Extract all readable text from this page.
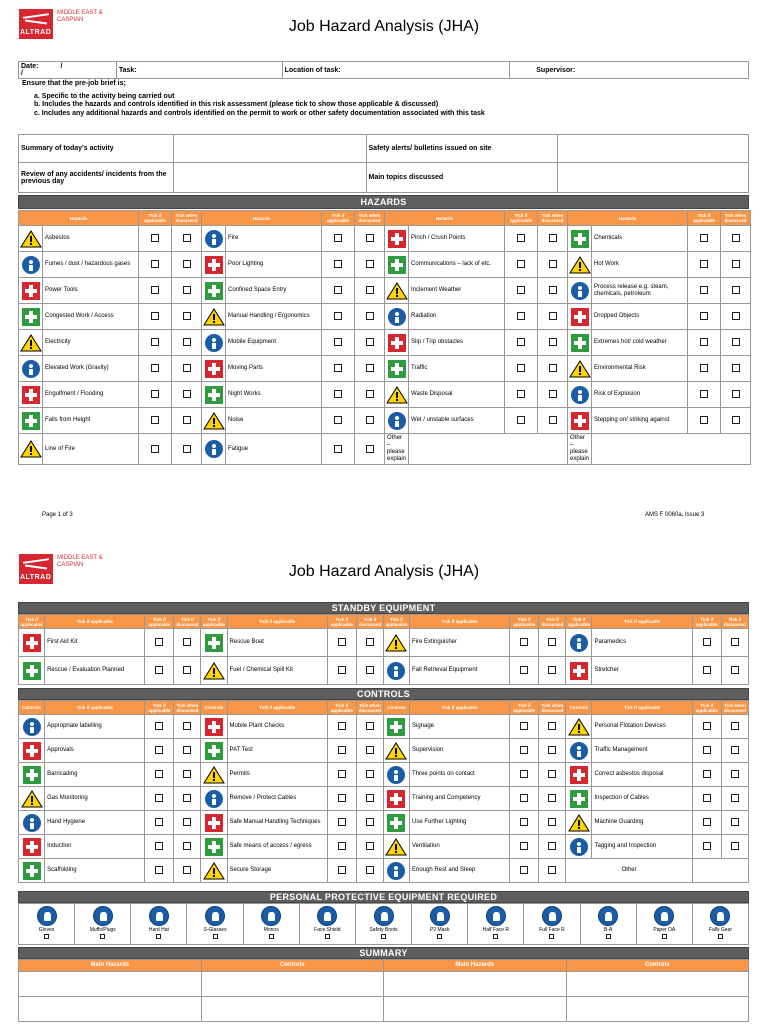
ALTRAD
MIDDLE EAST & CASPIAN	Job Hazard Analysis (JHA)
Date:	/ /	Task:	Location of task:	Supervisor:
Ensure that the pre-job brief is;
a. Specific to the activity being carried out
b. Includes the hazards and controls identified in this risk assessment (please tick to show those applicable & discussed)
c. Includes any additional hazards and controls identified on the permit to work or other safety documentation associated with this task
Summary of today's activity		Safety alerts/ bulletins issued on site	
Review of any accidents/ incidents from the previous day		Main topics discussed	
HAZARDS
Hazards		Tick if applicable	Tick when discussed	Hazards		Tick if applicable	Tick when discussed	Hazards		Tick if applicable	Tick when discussed	Hazards		Tick if applicable	Tick when discussed

	Asbestos				Fire				Pinch / Crush Points				Chemicals		

	Fumes / dust / hazardous gases				Poor Lighting				Communications – lack of etc.				Hot Work		

	Power Tools				Confined Space Entry				Inclement Weather				Process release e.g. steam, chemicals, petroleum		

	Congested Work / Access				Manual Handling / Ergonomics				Radiation				Dropped Objects		

	Electricity				Mobile Equipment				Slip / Trip obstacles				Extremes hot/ cold weather		

	Elevated Work (Gravity)				Moving Parts				Traffic				Environmental Risk		

	Engulfment / Flooding				Night Works				Waste Disposal				Risk of Explosion		

	Falls from Height				Noise				Wet / unstable surfaces				Stepping on/ striking against		

	Line of Fire				Fatigue			Other – please explain				Other – please explain			
Page 1 of 3	AMS F 0060a, Issue 3
ALTRAD
MIDDLE EAST & CASPIAN	Job Hazard Analysis (JHA)
STANDBY EQUIPMENT
Tick if applicable	Tick if applicable	Tick if applicable	Tick if discussed	Tick if applicable	Tick if applicable	Tick if applicable	Tick if discussed	Tick if applicable	Tick if applicable	Tick if applicable	Tick if discussed	Tick if applicable	Tick if applicable	Tick if applicable	Tick if discussed

	First Aid Kit				Rescue Boat				Fire Extinguisher				Paramedics		

	Rescue / Evaluation Planned				Fuel / Chemical Spill Kit				Fall Retrieval Equipment				Stretcher		
CONTROLS
Controls	Tick if applicable	Tick if applicable	Tick when discussed	Controls	Tick if applicable	Tick if applicable	Tick when discussed	Controls	Tick if applicable	Tick if applicable	Tick when discussed	Controls	Tick if applicable	Tick if applicable	Tick when discussed

	Appropriate labelling				Mobile Plant Checks				Signage				Personal Flotation Devices		

	Approvals				PAT Test				Supervision				Traffic Management		

	Barricading				Permits				Three points on contact				Correct asbestos disposal		

	Gas Monitoring				Remove / Protect Cables				Training and Competency				Inspection of Cables		

	Hand Hygiene				Safe Manual Handling Techniques				Use Further Lighting				Machine Guarding		

	Induction				Safe means of access / egress				Ventilation				Tagging and Inspection		

	Scaffolding				Secure Storage				Enough Rest and Sleep			Other			
PERSONAL PROTECTIVE EQUIPMENT REQUIRED
Gloves	Muffs/Plugs	Hard Hat	S-Glasses	Monos	Face Shield	Safety Boots	P2 Mask	Half Face R	Full Face R	B-A	Paper OA	Falls Gear
SUMMARY
Main Hazards	Controls	Main Hazards	Controls
